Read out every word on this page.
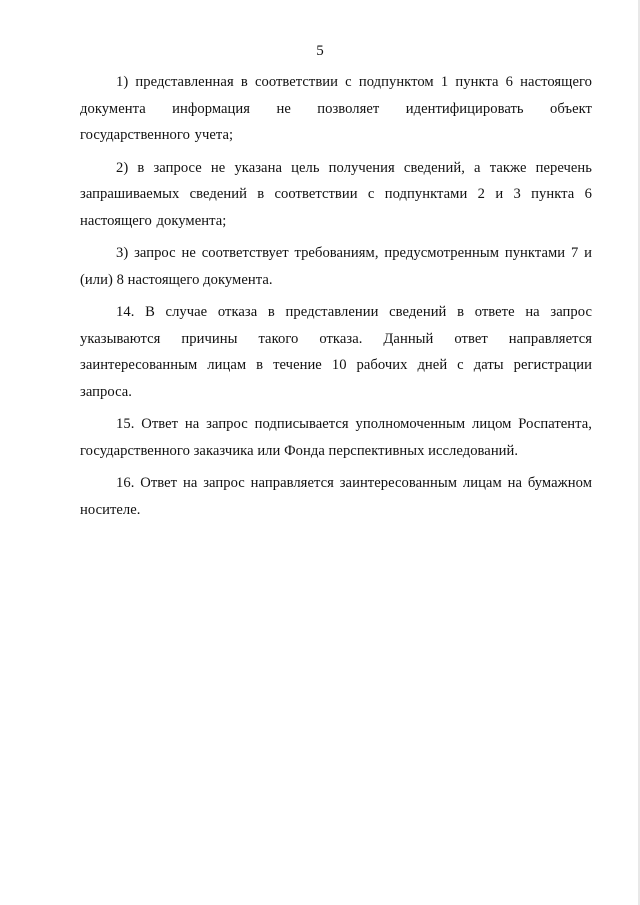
5

1) представленная в соответствии с подпунктом 1 пункта 6 настоящего документа информация не позволяет идентифицировать объект государственного учета;

2) в запросе не указана цель получения сведений, а также перечень запрашиваемых сведений в соответствии с подпунктами 2 и 3 пункта 6 настоящего документа;

3) запрос не соответствует требованиям, предусмотренным пунктами 7 и (или) 8 настоящего документа.

14. В случае отказа в представлении сведений в ответе на запрос указываются причины такого отказа. Данный ответ направляется заинтересованным лицам в течение 10 рабочих дней с даты регистрации запроса.

15. Ответ на запрос подписывается уполномоченным лицом Роспатента, государственного заказчика или Фонда перспективных исследований.

16. Ответ на запрос направляется заинтересованным лицам на бумажном носителе.
